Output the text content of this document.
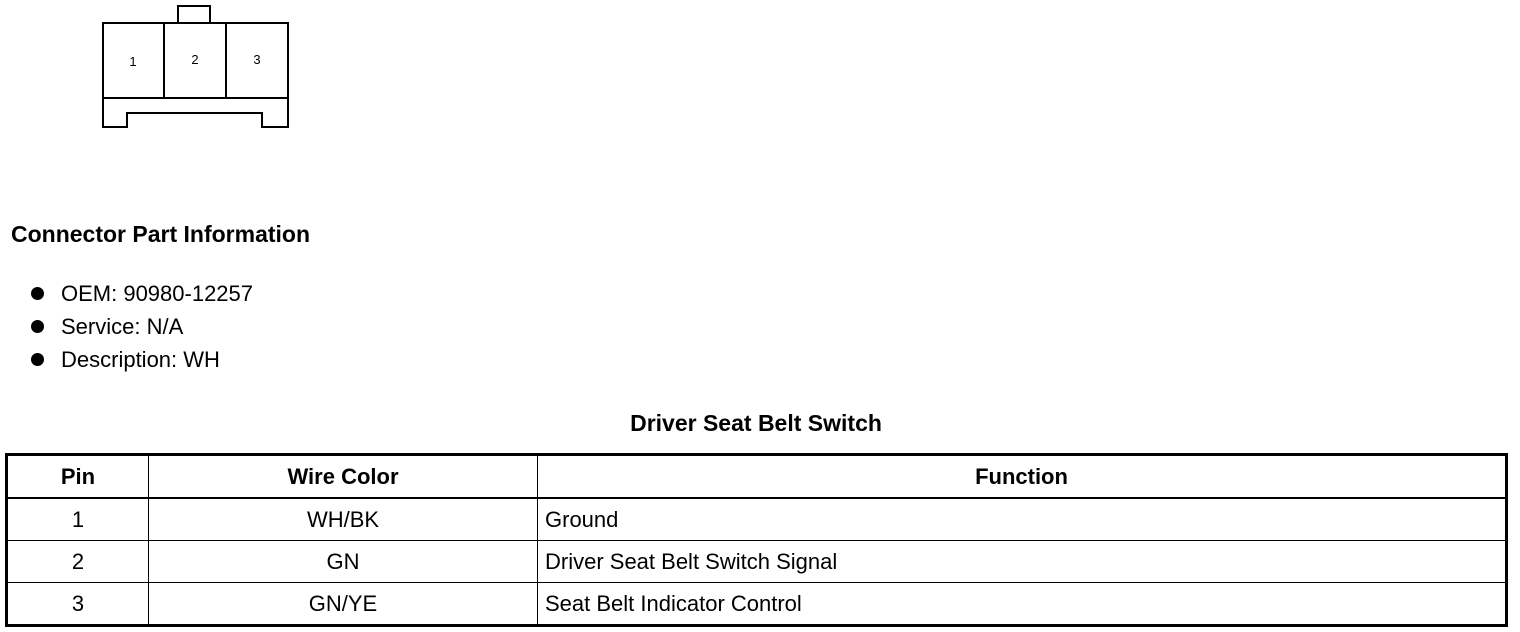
1	2	3
Connector Part Information
OEM: 90980-12257
Service: N/A
Description: WH
Driver Seat Belt Switch
Pin	Wire Color	Function
1	WH/BK	Ground
2	GN	Driver Seat Belt Switch Signal
3	GN/YE	Seat Belt Indicator Control
